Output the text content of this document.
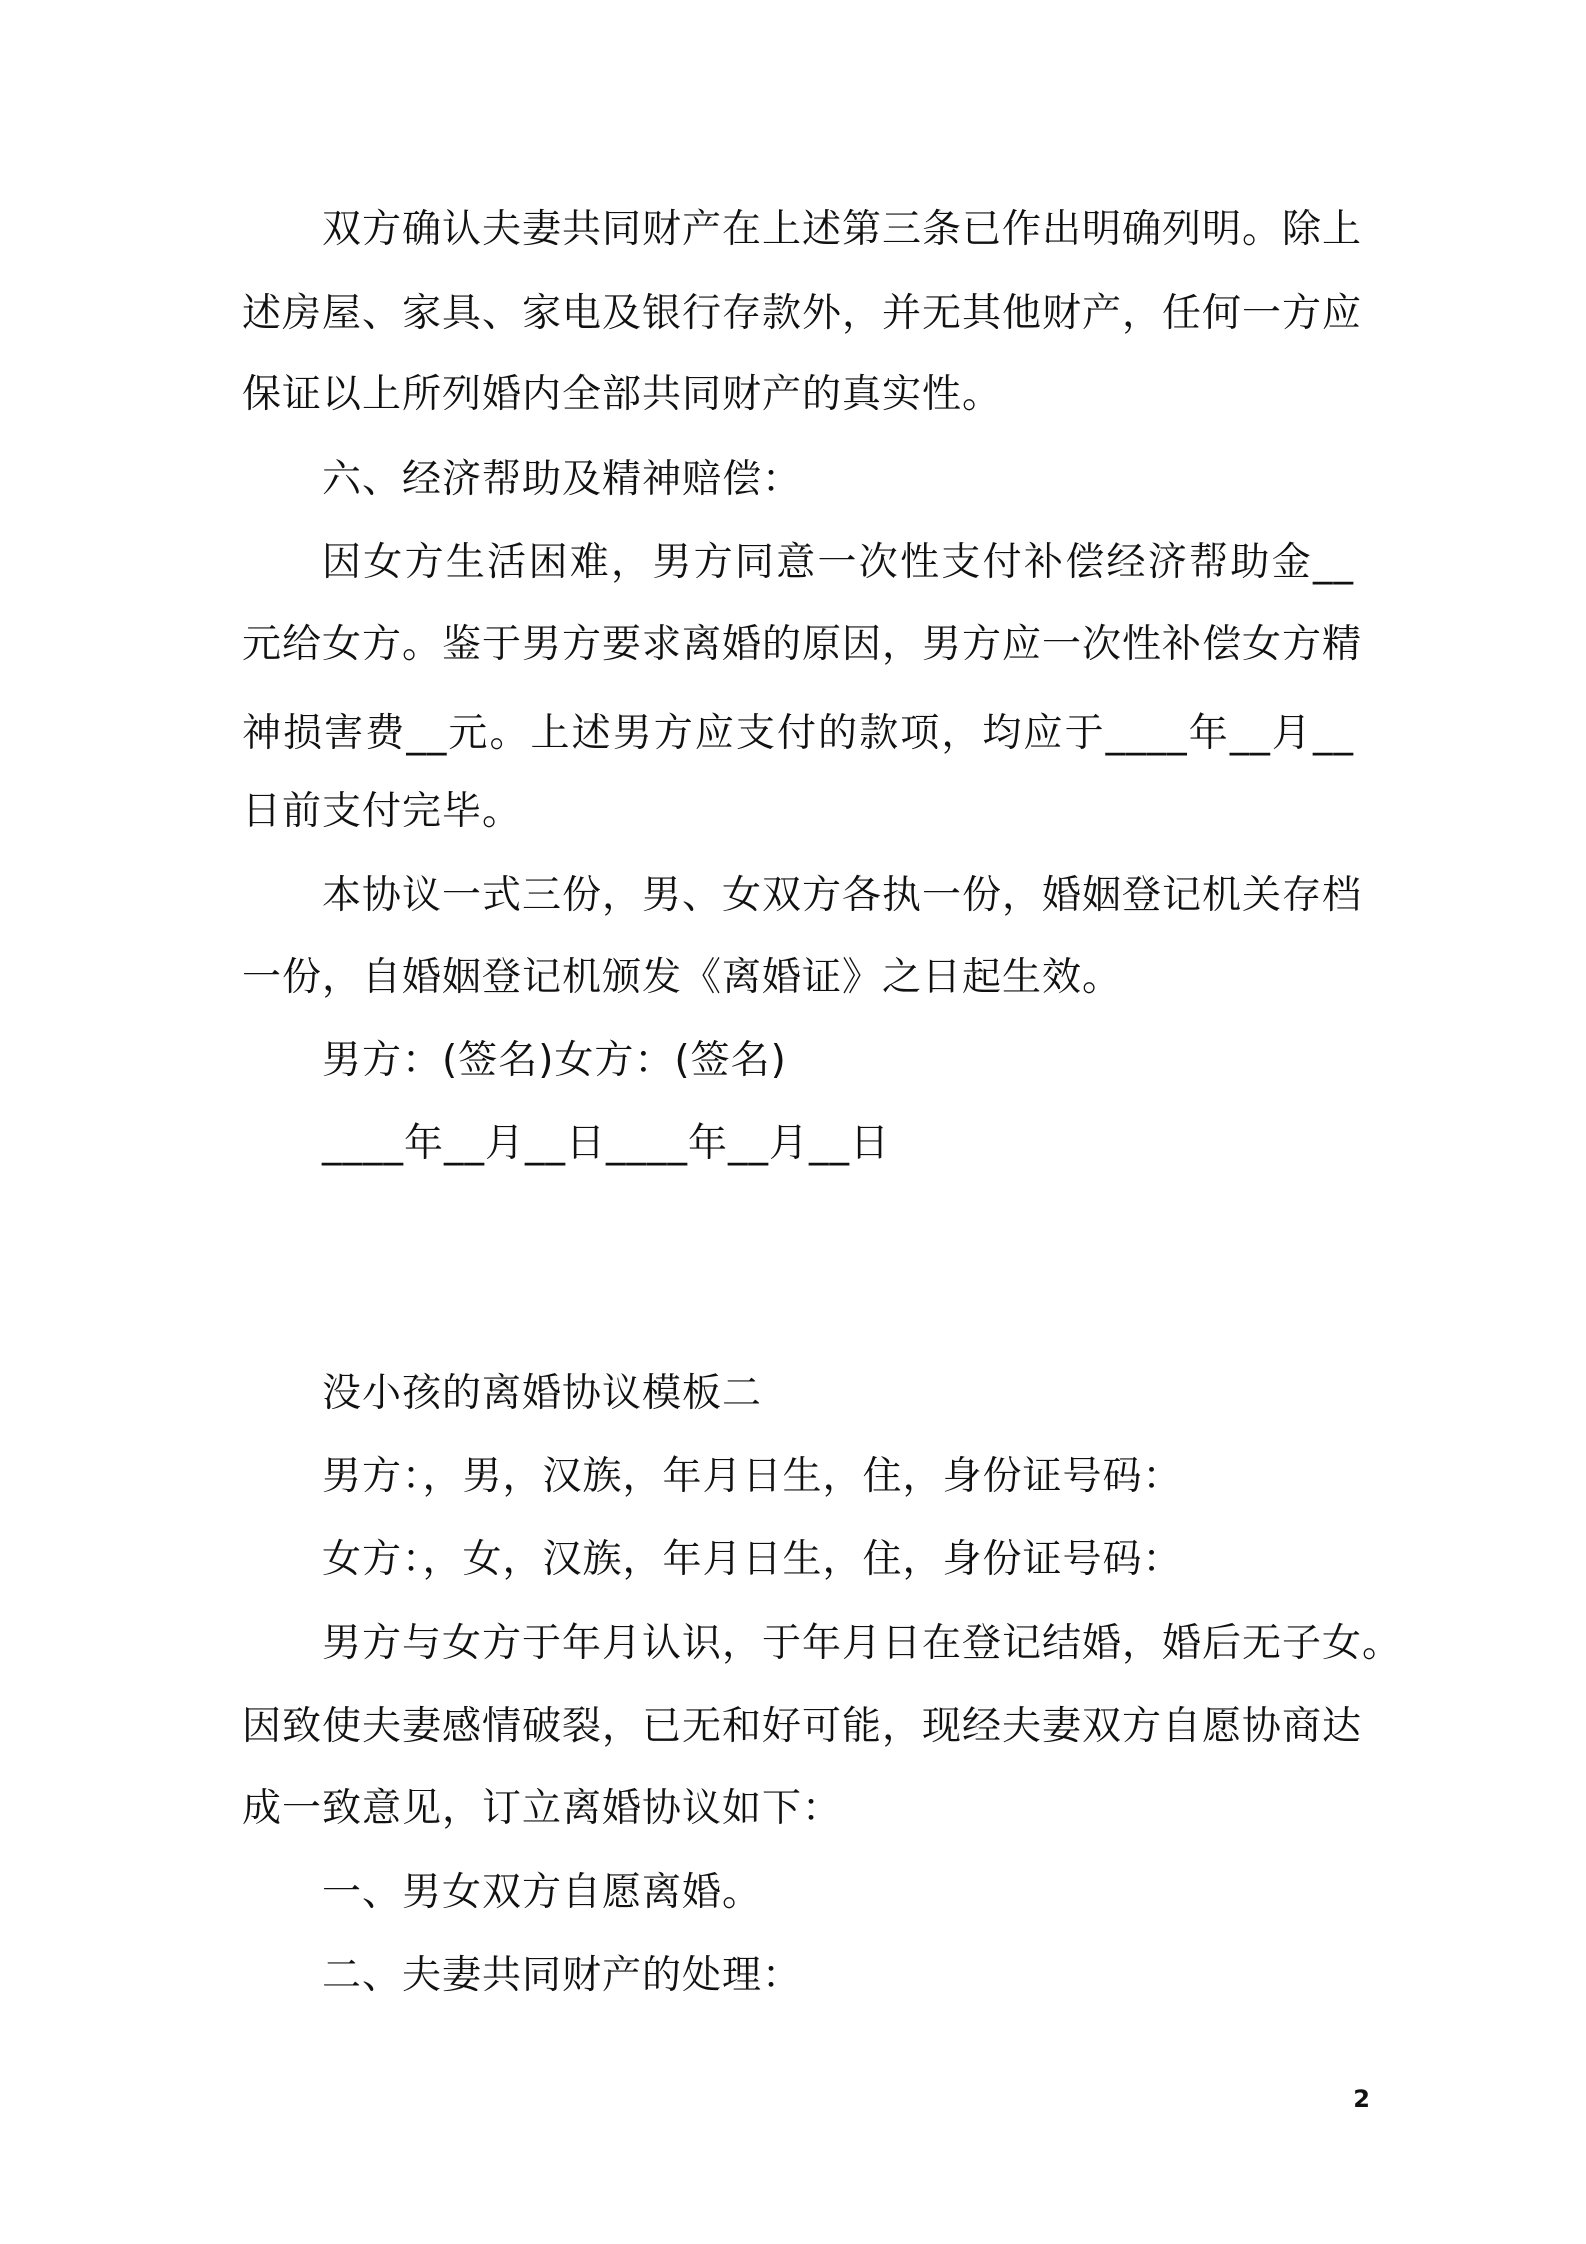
双方确认夫妻共同财产在上述第三条已作出明确列明。除上
述房屋、家具、家电及银行存款外，并无其他财产，任何一方应
保证以上所列婚内全部共同财产的真实性。
六、经济帮助及精神赔偿：
因女方生活困难，男方同意一次性支付补偿经济帮助金__
元给女方。鉴于男方要求离婚的原因，男方应一次性补偿女方精
神损害费__元。上述男方应支付的款项，均应于____年__月__
日前支付完毕。
本协议一式三份，男、女双方各执一份，婚姻登记机关存档
一份，自婚姻登记机颁发《离婚证》之日起生效。
男方：(签名)女方：(签名)
____年__月__日____年__月__日
没小孩的离婚协议模板二
男方：，男，汉族，年月日生，住，身份证号码：
女方：，女，汉族，年月日生，住，身份证号码：
男方与女方于年月认识，于年月日在登记结婚，婚后无子女。
因致使夫妻感情破裂，已无和好可能，现经夫妻双方自愿协商达
成一致意见，订立离婚协议如下：
一、男女双方自愿离婚。
二、夫妻共同财产的处理：
2
